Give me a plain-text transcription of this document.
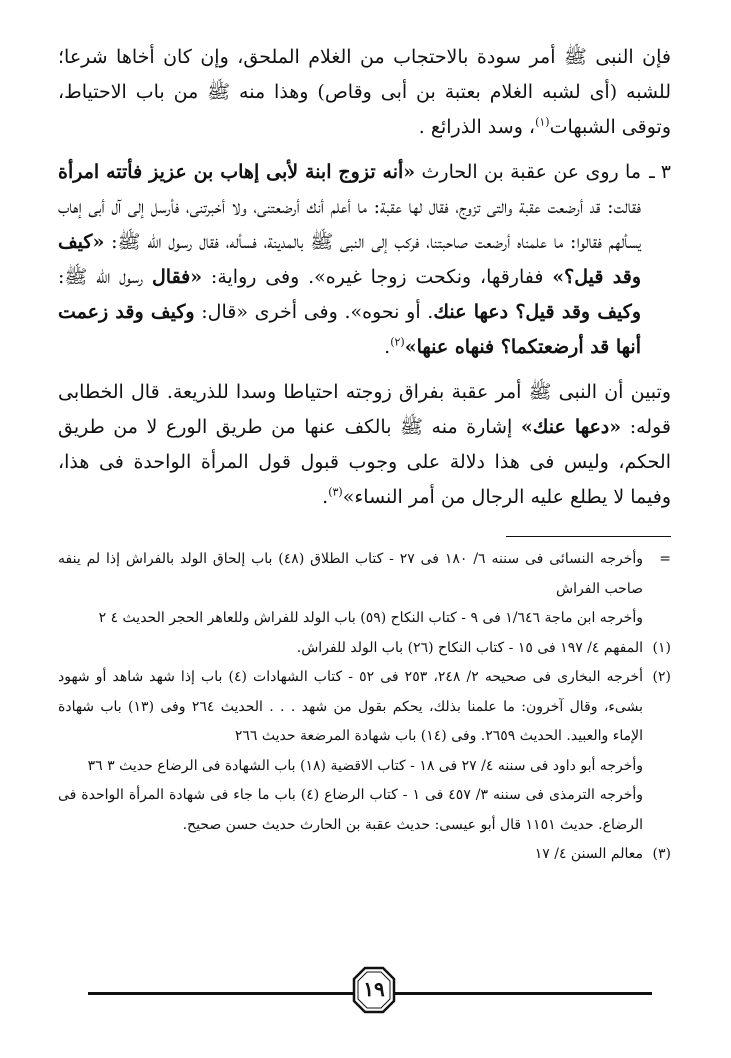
فإن النبى ﷺ أمر سودة بالاحتجاب من الغلام الملحق، وإن كان أخاها شرعا؛ للشبه (أى لشبه الغلام بعتبة بن أبى وقاص) وهذا منه ﷺ من باب الاحتياط، وتوقى الشبهات$^{(١)}$، وسد الذرائع .

٣ ـ
ما روى عن عقبة بن الحارث «أنه تزوج ابنة لأبى إهاب بن عزيز فأتته امرأة فقالت: قد أرضعت عقبة والتى تزوج، فقال لها عقبة: ما أعلم أنك أرضعتنى، ولا أخبرتنى، فأرسل إلى آل أبى إهاب يسألهم فقالوا: ما علمناه أرضعت صاحبتنا، فركب إلى النبى ﷺ بالمدينة، فسأله، فقال رسول الله ﷺ: «كيف وقد قيل؟» ففارقها، ونكحت زوجا غيره». وفى رواية: «فقال رسول الله ﷺ: وكيف وقد قيل؟ دعها عنك. أو نحوه». وفى أخرى «قال: وكيف وقد زعمت أنها قد أرضعتكما؟ فنهاه عنها»$^{(٢)}$.

وتبين أن النبى ﷺ أمر عقبة بفراق زوجته احتياطا وسدا للذريعة. قال الخطابى قوله: «دعها عنك» إشارة منه ﷺ بالكف عنها من طريق الورع لا من طريق الحكم، وليس فى هذا دلالة على وجوب قبول قول المرأة الواحدة فى هذا، وفيما لا يطلع عليه الرجال من أمر النساء»$^{(٣)}$.

=
وأخرجه النسائى فى سننه ٦/ ١٨٠ فى ٢٧ - كتاب الطلاق (٤٨) باب إلحاق الولد بالفراش إذا لم ينفه صاحب الفراش
وأخرجه ابن ماجة ١/٦٤٦ فى ٩ - كتاب النكاح (٥٩) باب الولد للفراش وللعاهر الحجر الحديث ٤ ٢
(١)
المفهم ٤/ ١٩٧ فى ١٥ - كتاب النكاح (٢٦) باب الولد للفراش.
(٢)
أخرجه البخارى فى صحيحه ٢/ ٢٤٨، ٢٥٣ فى ٥٢ - كتاب الشهادات (٤) باب إذا شهد شاهد أو شهود بشىء، وقال آخرون: ما علمنا بذلك، يحكم بقول من شهد . . . الحديث ٢٦٤ وفى (١٣) باب شهادة الإماء والعبيد. الحديث ٢٦٥٩. وفى (١٤) باب شهادة المرضعة حديث ٢٦٦
وأخرجه أبو داود فى سننه ٤/ ٢٧ فى ١٨ - كتاب الاقضية (١٨) باب الشهادة فى الرضاع حديث ٣ ٣٦
وأخرجه الترمذى فى سننه ٣/ ٤٥٧ فى ١ - كتاب الرضاع (٤) باب ما جاء فى شهادة المرأة الواحدة فى الرضاع. حديث ١١٥١ قال أبو عيسى: حديث عقبة بن الحارث حديث حسن صحيح.
(٣)
معالم السنن ٤/ ١٧
١٩
